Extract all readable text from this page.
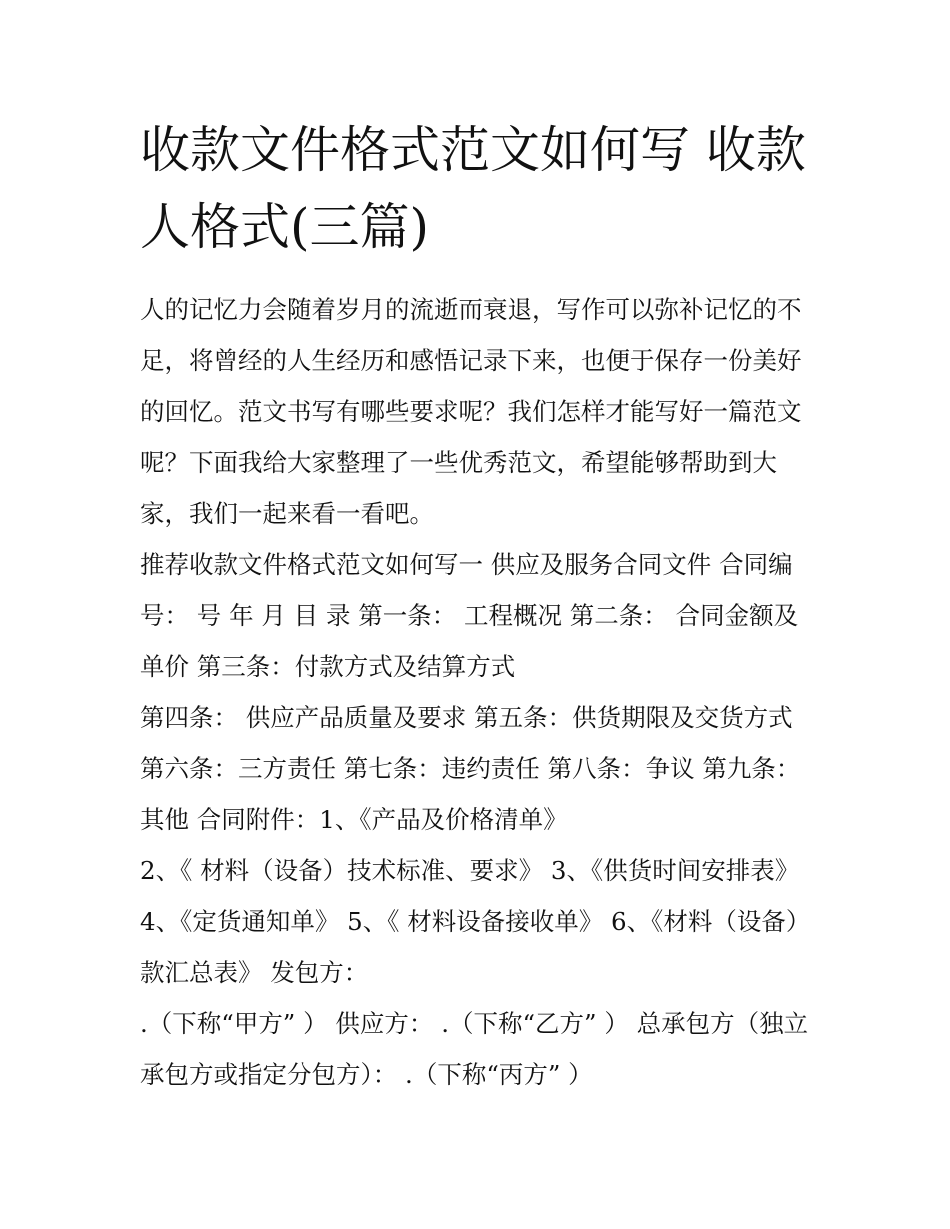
收款文件格式范文如何写 收款人格式(三篇)

人的记忆力会随着岁月的流逝而衰退，写作可以弥补记忆的不足，将曾经的人生经历和感悟记录下来，也便于保存一份美好的回忆。范文书写有哪些要求呢？我们怎样才能写好一篇范文呢？下面我给大家整理了一些优秀范文，希望能够帮助到大家，我们一起来看一看吧。

推荐收款文件格式范文如何写一 供应及服务合同文件 合同编号： 号 年 月 目 录 第一条： 工程概况 第二条： 合同金额及单价 第三条：付款方式及结算方式

第四条： 供应产品质量及要求 第五条：供货期限及交货方式 第六条：三方责任 第七条：违约责任 第八条：争议 第九条：其他 合同附件：1、《产品及价格清单》

2、《 材料（设备）技术标准、要求》 3、《供货时间安排表》 4、《定货通知单》 5、《 材料设备接收单》 6、《材料（设备）款汇总表》 发包方：

.（下称“甲方” ） 供应方： .（下称“乙方” ） 总承包方（独立承包方或指定分包方）： .（下称“丙方” ）
